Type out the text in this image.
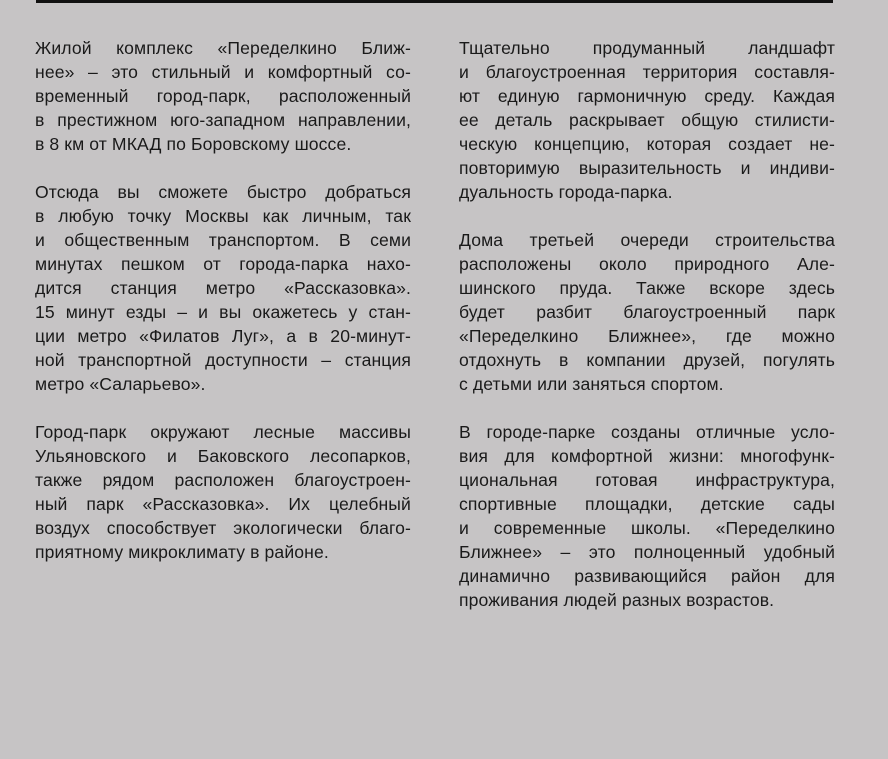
Жилой комплекс «Переделкино Ближ-
нее» – это стильный и комфортный со-
временный город-парк, расположенный
в престижном юго-западном направлении,
в 8 км от МКАД по Боровскому шоссе.

Отсюда вы сможете быстро добраться
в любую точку Москвы как личным, так
и общественным транспортом. В семи
минутах пешком от города-парка нахо-
дится станция метро «Рассказовка».
15 минут езды – и вы окажетесь у стан-
ции метро «Филатов Луг», а в 20-минут-
ной транспортной доступности – станция
метро «Саларьево».

Город-парк окружают лесные массивы
Ульяновского и Баковского лесопарков,
также рядом расположен благоустроен-
ный парк «Рассказовка». Их целебный
воздух способствует экологически благо-
приятному микроклимату в районе.

Тщательно продуманный ландшафт
и благоустроенная территория составля-
ют единую гармоничную среду. Каждая
ее деталь раскрывает общую стилисти-
ческую концепцию, которая создает не-
повторимую выразительность и индиви-
дуальность города-парка.

Дома третьей очереди строительства
расположены около природного Але-
шинского пруда. Также вскоре здесь
будет разбит благоустроенный парк
«Переделкино Ближнее», где можно
отдохнуть в компании друзей, погулять
с детьми или заняться спортом.

В городе-парке созданы отличные усло-
вия для комфортной жизни: многофунк-
циональная готовая инфраструктура,
спортивные площадки, детские сады
и современные школы. «Переделкино
Ближнее» – это полноценный удобный
динамично развивающийся район для
проживания людей разных возрастов.
